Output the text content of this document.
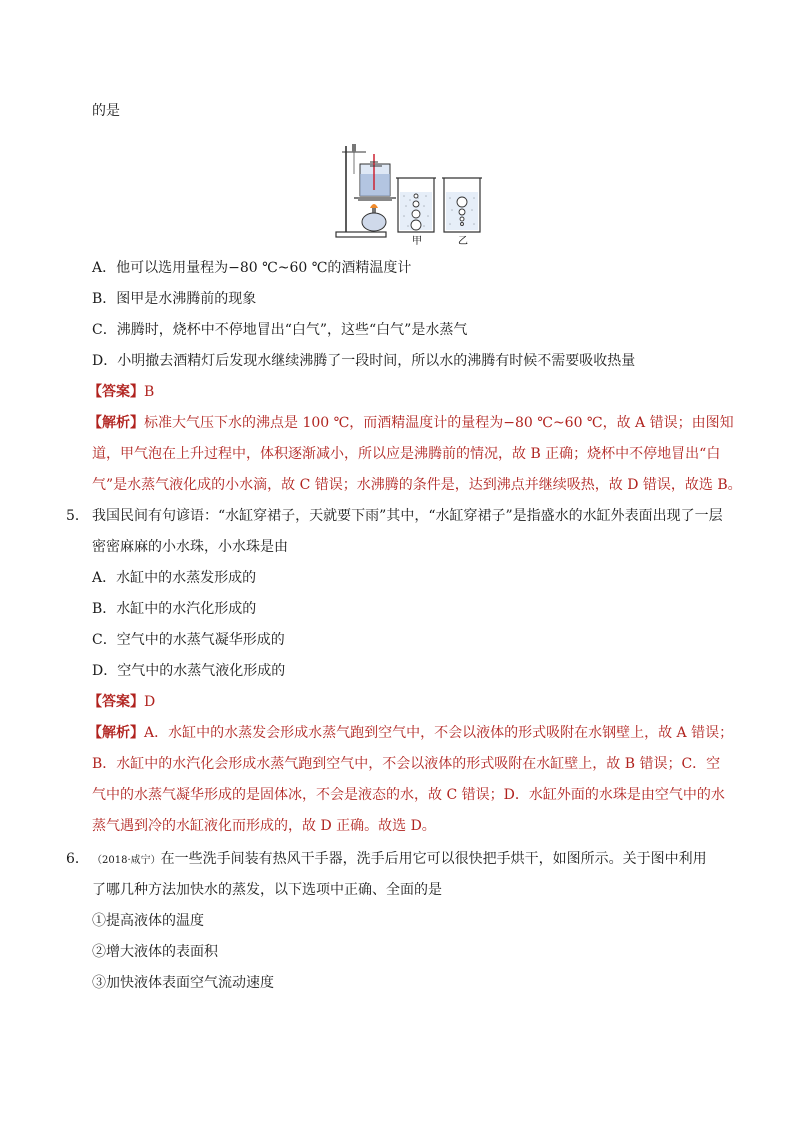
的是
甲	乙
A．他可以选用量程为−80 ℃~60 ℃的酒精温度计
B．图甲是水沸腾前的现象
C．沸腾时，烧杯中不停地冒出“白气”，这些“白气”是水蒸气
D．小明撤去酒精灯后发现水继续沸腾了一段时间，所以水的沸腾有时候不需要吸收热量
【答案】B
【解析】标准大气压下水的沸点是 100 ℃，而酒精温度计的量程为−80 ℃~60 ℃，故 A 错误；由图知
道，甲气泡在上升过程中，体积逐渐减小，所以应是沸腾前的情况，故 B 正确；烧杯中不停地冒出“白
气”是水蒸气液化成的小水滴，故 C 错误；水沸腾的条件是，达到沸点并继续吸热，故 D 错误，故选 B。
5． 我国民间有句谚语：“水缸穿裙子，天就要下雨”其中，“水缸穿裙子”是指盛水的水缸外表面出现了一层
密密麻麻的小水珠，小水珠是由
A．水缸中的水蒸发形成的
B．水缸中的水汽化形成的
C．空气中的水蒸气凝华形成的
D．空气中的水蒸气液化形成的
【答案】D
【解析】A．水缸中的水蒸发会形成水蒸气跑到空气中，不会以液体的形式吸附在水钢壁上，故 A 错误；
B．水缸中的水汽化会形成水蒸气跑到空气中，不会以液体的形式吸附在水缸壁上，故 B 错误；C．空
气中的水蒸气凝华形成的是固体冰，不会是液态的水，故 C 错误；D．水缸外面的水珠是由空气中的水
蒸气遇到冷的水缸液化而形成的，故 D 正确。故选 D。
6． （2018·咸宁）在一些洗手间装有热风干手器，洗手后用它可以很快把手烘干，如图所示。关于图中利用
了哪几种方法加快水的蒸发，以下选项中正确、全面的是
①提高液体的温度
②增大液体的表面积
③加快液体表面空气流动速度
